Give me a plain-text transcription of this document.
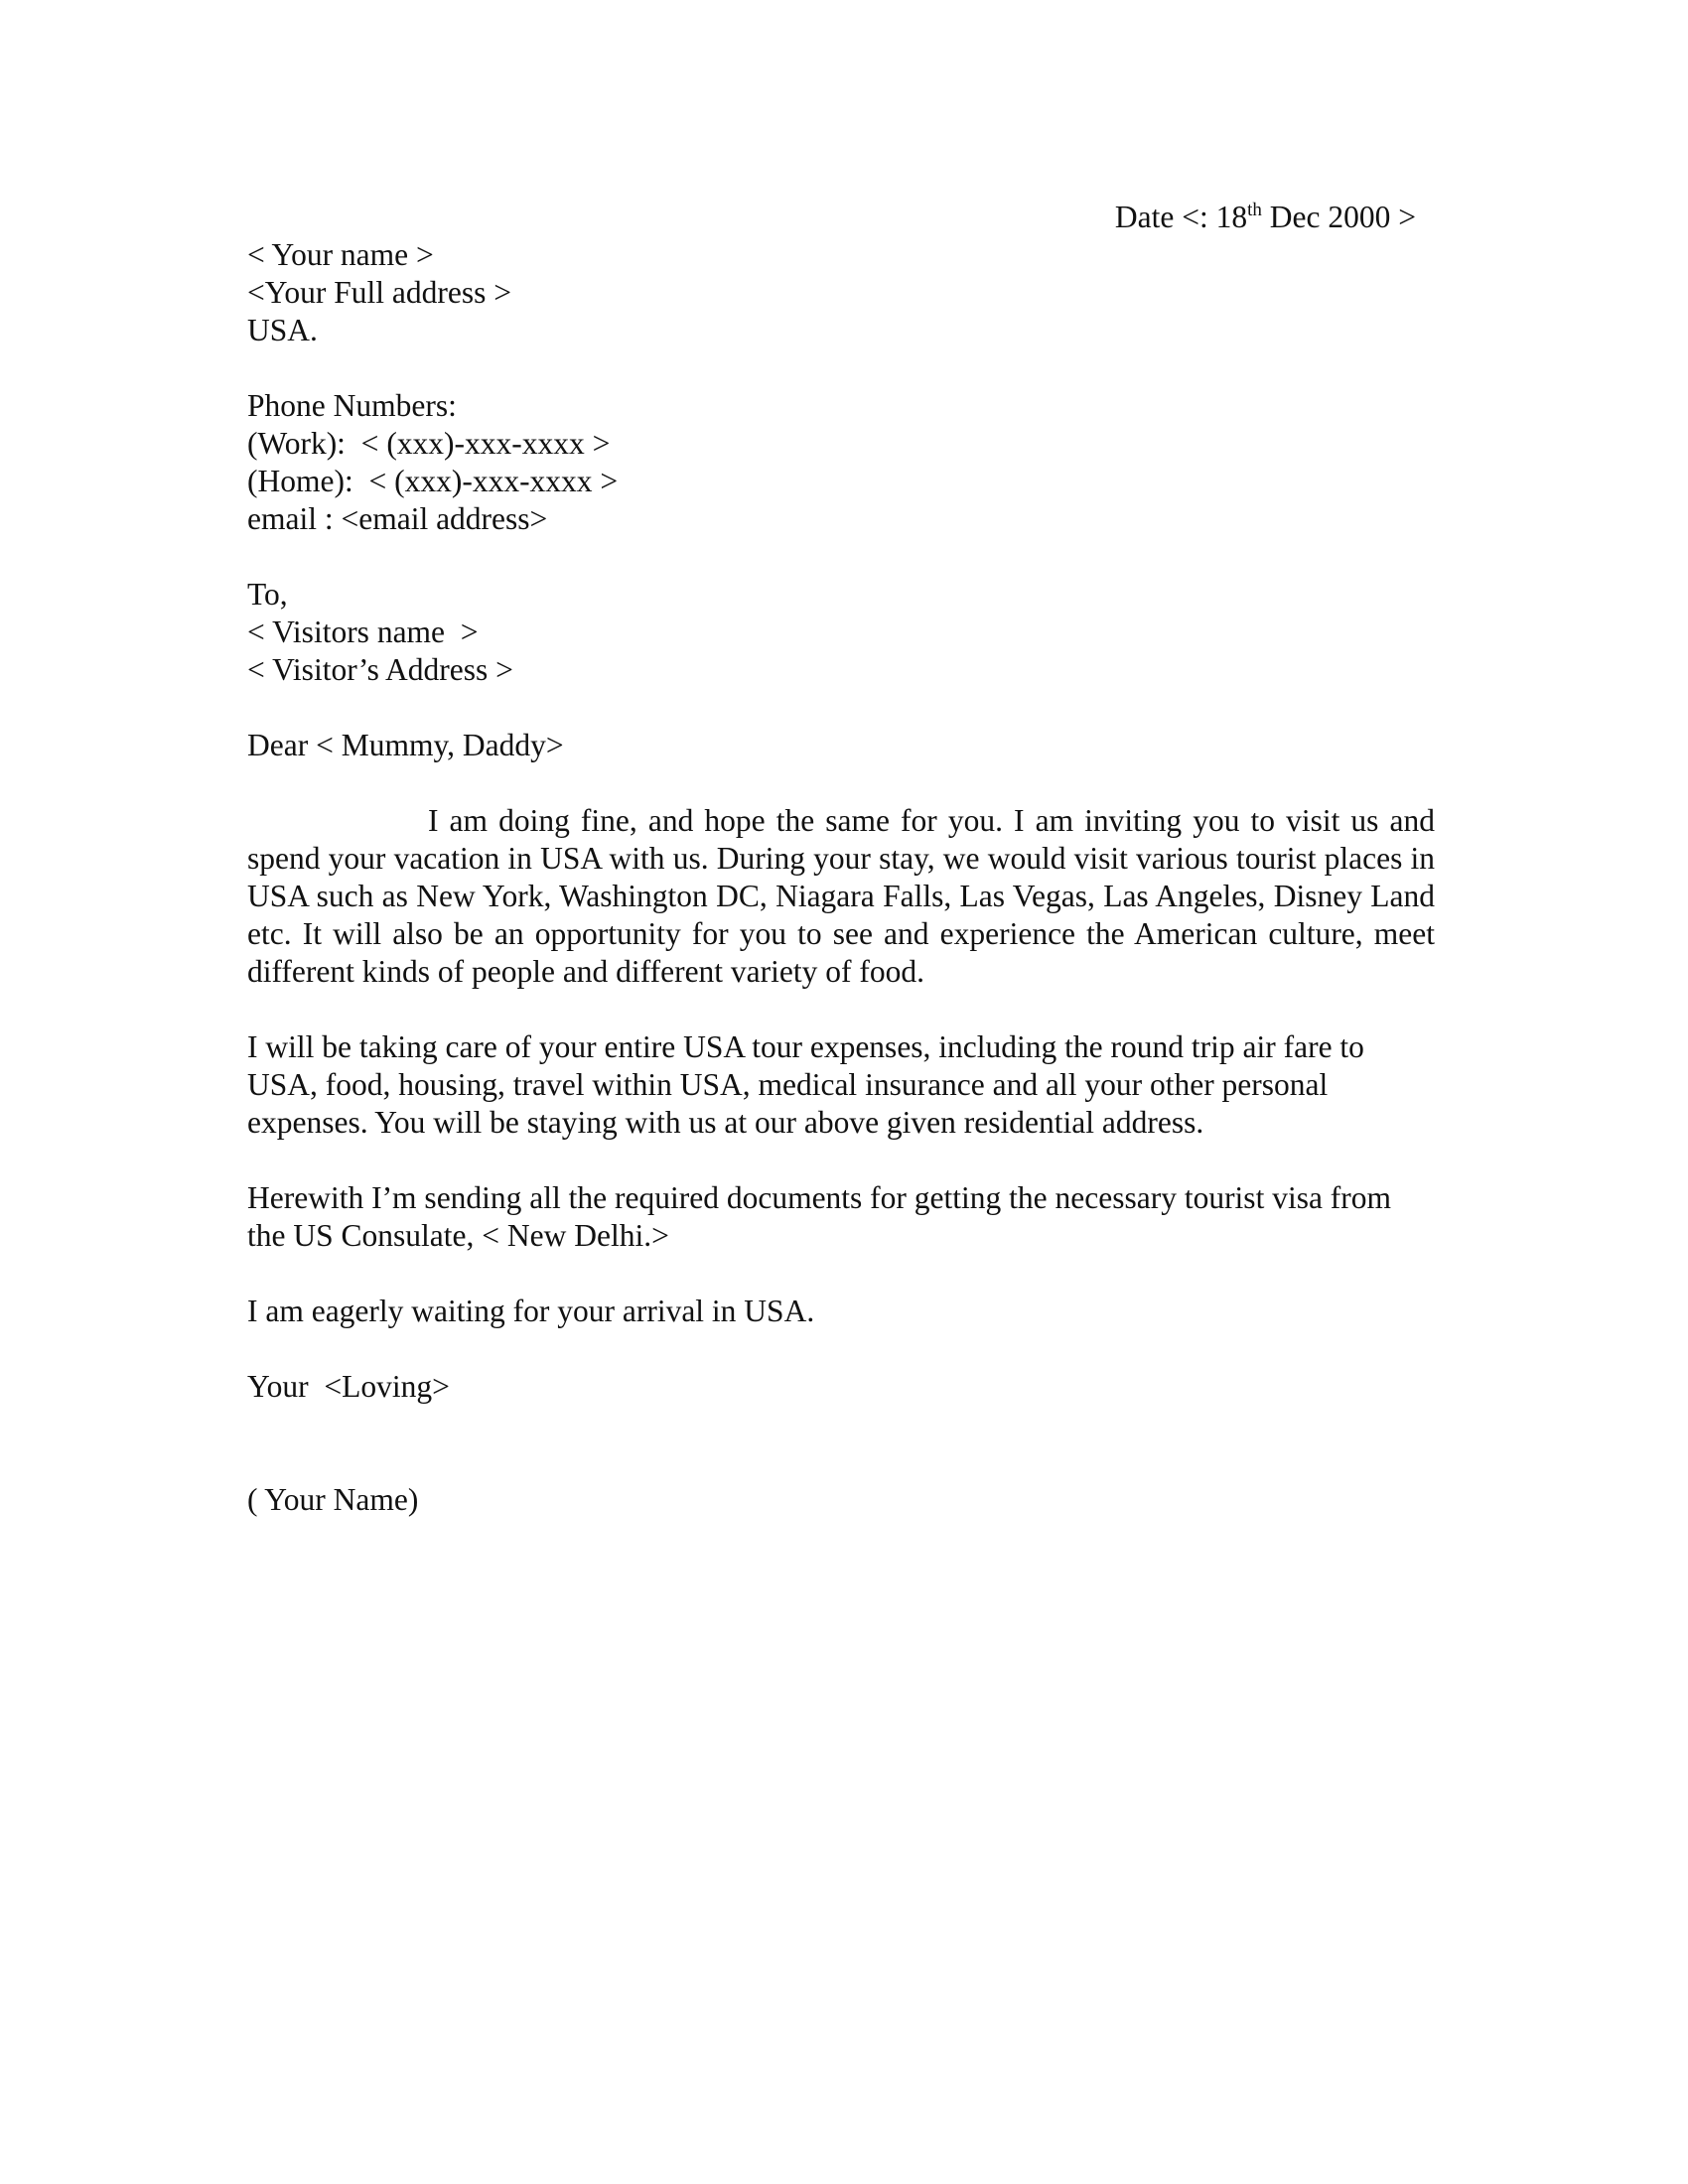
Date <: 18th Dec 2000 >
< Your name >
<Your Full address >
USA.
Phone Numbers:
(Work):  < (xxx)-xxx-xxxx >
(Home):  < (xxx)-xxx-xxxx >
email : <email address>
To,
< Visitors name  >
< Visitor’s Address >
Dear < Mummy, Daddy>

I am doing fine, and hope the same for you. I am inviting you to visit us and spend your vacation in USA with us. During your stay, we would visit various tourist places in USA such as New York, Washington DC, Niagara Falls, Las Vegas, Las Angeles, Disney Land etc. It will also be an opportunity for you to see and experience the American culture, meet different kinds of people and different variety of food.

I will be taking care of your entire USA tour expenses, including the round trip air fare to USA, food, housing, travel within USA, medical insurance and all your other personal expenses. You will be staying with us at our above given residential address.

Herewith I’m sending all the required documents for getting the necessary tourist visa from the US Consulate, < New Delhi.>

I am eagerly waiting for your arrival in USA.

Your  <Loving>
( Your Name)
